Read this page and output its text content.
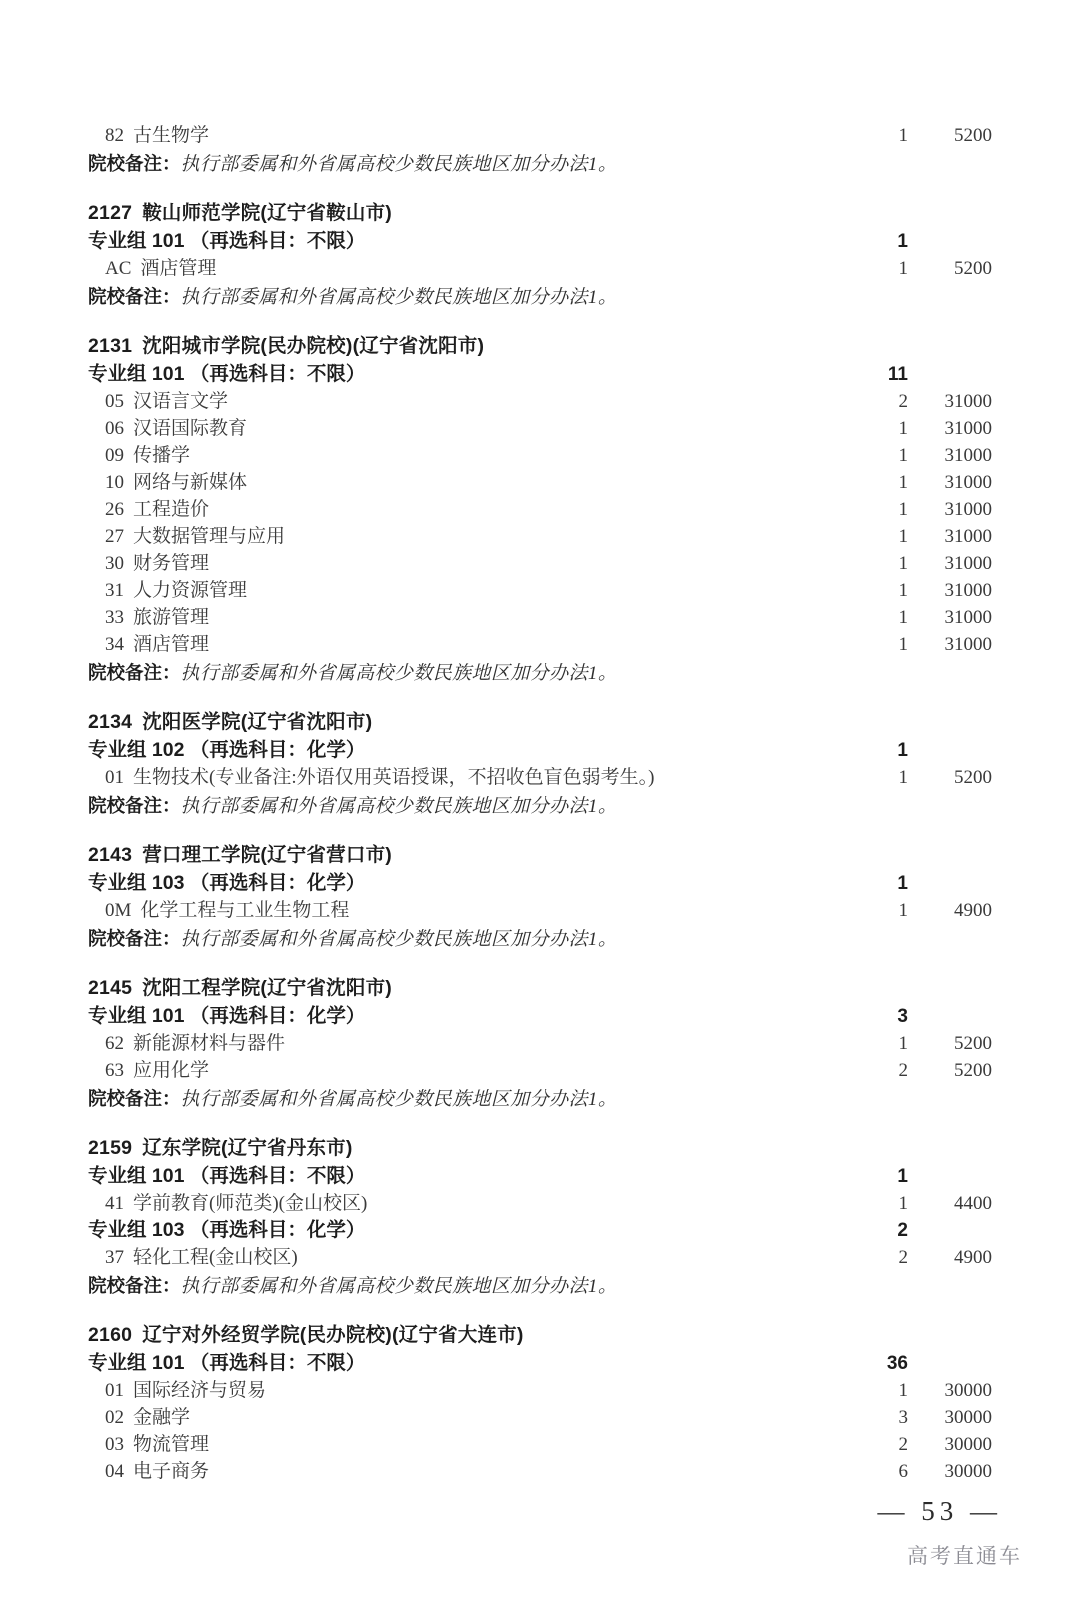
82 古生物学	1	5200
院校备注：执行部委属和外省属高校少数民族地区加分办法1。
2127 鞍山师范学院(辽宁省鞍山市)
专业组 101 （再选科目：不限）	1
AC 酒店管理	1	5200
院校备注：执行部委属和外省属高校少数民族地区加分办法1。
2131 沈阳城市学院(民办院校)(辽宁省沈阳市)
专业组 101 （再选科目：不限）	11
05 汉语言文学	2	31000
06 汉语国际教育	1	31000
09 传播学	1	31000
10 网络与新媒体	1	31000
26 工程造价	1	31000
27 大数据管理与应用	1	31000
30 财务管理	1	31000
31 人力资源管理	1	31000
33 旅游管理	1	31000
34 酒店管理	1	31000
院校备注：执行部委属和外省属高校少数民族地区加分办法1。
2134 沈阳医学院(辽宁省沈阳市)
专业组 102 （再选科目：化学）	1
01 生物技术(专业备注:外语仅用英语授课，不招收色盲色弱考生。)	1	5200
院校备注：执行部委属和外省属高校少数民族地区加分办法1。
2143 营口理工学院(辽宁省营口市)
专业组 103 （再选科目：化学）	1
0M 化学工程与工业生物工程	1	4900
院校备注：执行部委属和外省属高校少数民族地区加分办法1。
2145 沈阳工程学院(辽宁省沈阳市)
专业组 101 （再选科目：化学）	3
62 新能源材料与器件	1	5200
63 应用化学	2	5200
院校备注：执行部委属和外省属高校少数民族地区加分办法1。
2159 辽东学院(辽宁省丹东市)
专业组 101 （再选科目：不限）	1
41 学前教育(师范类)(金山校区)	1	4400
专业组 103 （再选科目：化学）	2
37 轻化工程(金山校区)	2	4900
院校备注：执行部委属和外省属高校少数民族地区加分办法1。
2160 辽宁对外经贸学院(民办院校)(辽宁省大连市)
专业组 101 （再选科目：不限）	36
01 国际经济与贸易	1	30000
02 金融学	3	30000
03 物流管理	2	30000
04 电子商务	6	30000
— 53 —
高考直通车
